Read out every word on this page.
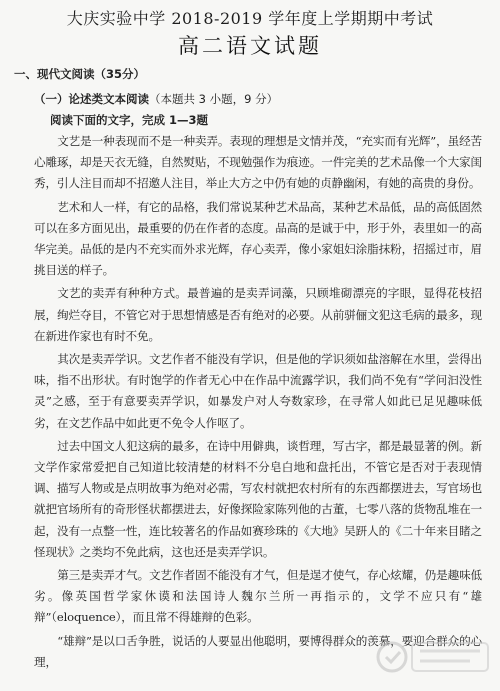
大庆实验中学 2018-2019 学年度上学期期中考试
高二语文试题
一、现代文阅读（35分）
（一）论述类文本阅读（本题共 3 小题，9 分）
阅读下面的文字，完成 1—3题

文艺是一种表现而不是一种卖弄。表现的理想是文情并茂，“充实而有光辉”，虽经苦心雕琢，却是天衣无缝，自然熨贴，不现勉强作为痕迹。一件完美的艺术品像一个大家闺秀，引人注目而却不招邀人注目，举止大方之中仍有她的贞静幽闲，有她的高贵的身份。

艺术和人一样，有它的品格，我们常说某种艺术品高，某种艺术品低，品的高低固然可以在多方面见出，最重要的仍在作者的态度。品高的是诚于中，形于外，表里如一的高华完美。品低的是内不充实而外求光辉，存心卖弄，像小家姐妇涂脂抹粉，招摇过市，眉挑目送的样子。

文艺的卖弄有种种方式。最普遍的是卖弄词藻，只顾堆砌漂亮的字眼，显得花枝招展，绚烂夺目，不管它对于思想情感是否有绝对的必要。从前骈俪文犯这毛病的最多，现在新进作家也有时不免。

其次是卖弄学识。文艺作者不能没有学识，但是他的学识须如盐溶解在水里，尝得出味，指不出形状。有时饱学的作者无心中在作品中流露学识，我们尚不免有“学问汩没性灵”之感，至于有意要卖弄学识，如暴发户对人夸数家珍，在寻常人如此已足见趣味低劣，在文艺作品中如此更不免令人作呕了。

过去中国文人犯这病的最多，在诗中用僻典，谈哲理，写古字，都是最显著的例。新文学作家常爱把自己知道比较清楚的材料不分皂白地和盘托出，不管它是否对于表现情调、描写人物或是点明故事为绝对必需，写农村就把农村所有的东西都摆进去，写官场也就把官场所有的奇形怪状都摆进去，好像探险家陈列他的古董，七零八落的货物乱堆在一起，没有一点整一性，连比较著名的作品如赛珍珠的《大地》吴趼人的《二十年来目睹之怪现状》之类均不免此病，这也还是卖弄学识。

第三是卖弄才气。文艺作者固不能没有才气，但是逞才使气，存心炫耀，仍是趣味低劣。像英国哲学家休谟和法国诗人魏尔兰所一再指示的，文学不应只有“雄辩”（eloquence），而且常不得雄辩的色彩。

“雄辩”是以口舌争胜，说话的人要显出他聪明，要博得群众的羡慕，要迎合群众的心理，
